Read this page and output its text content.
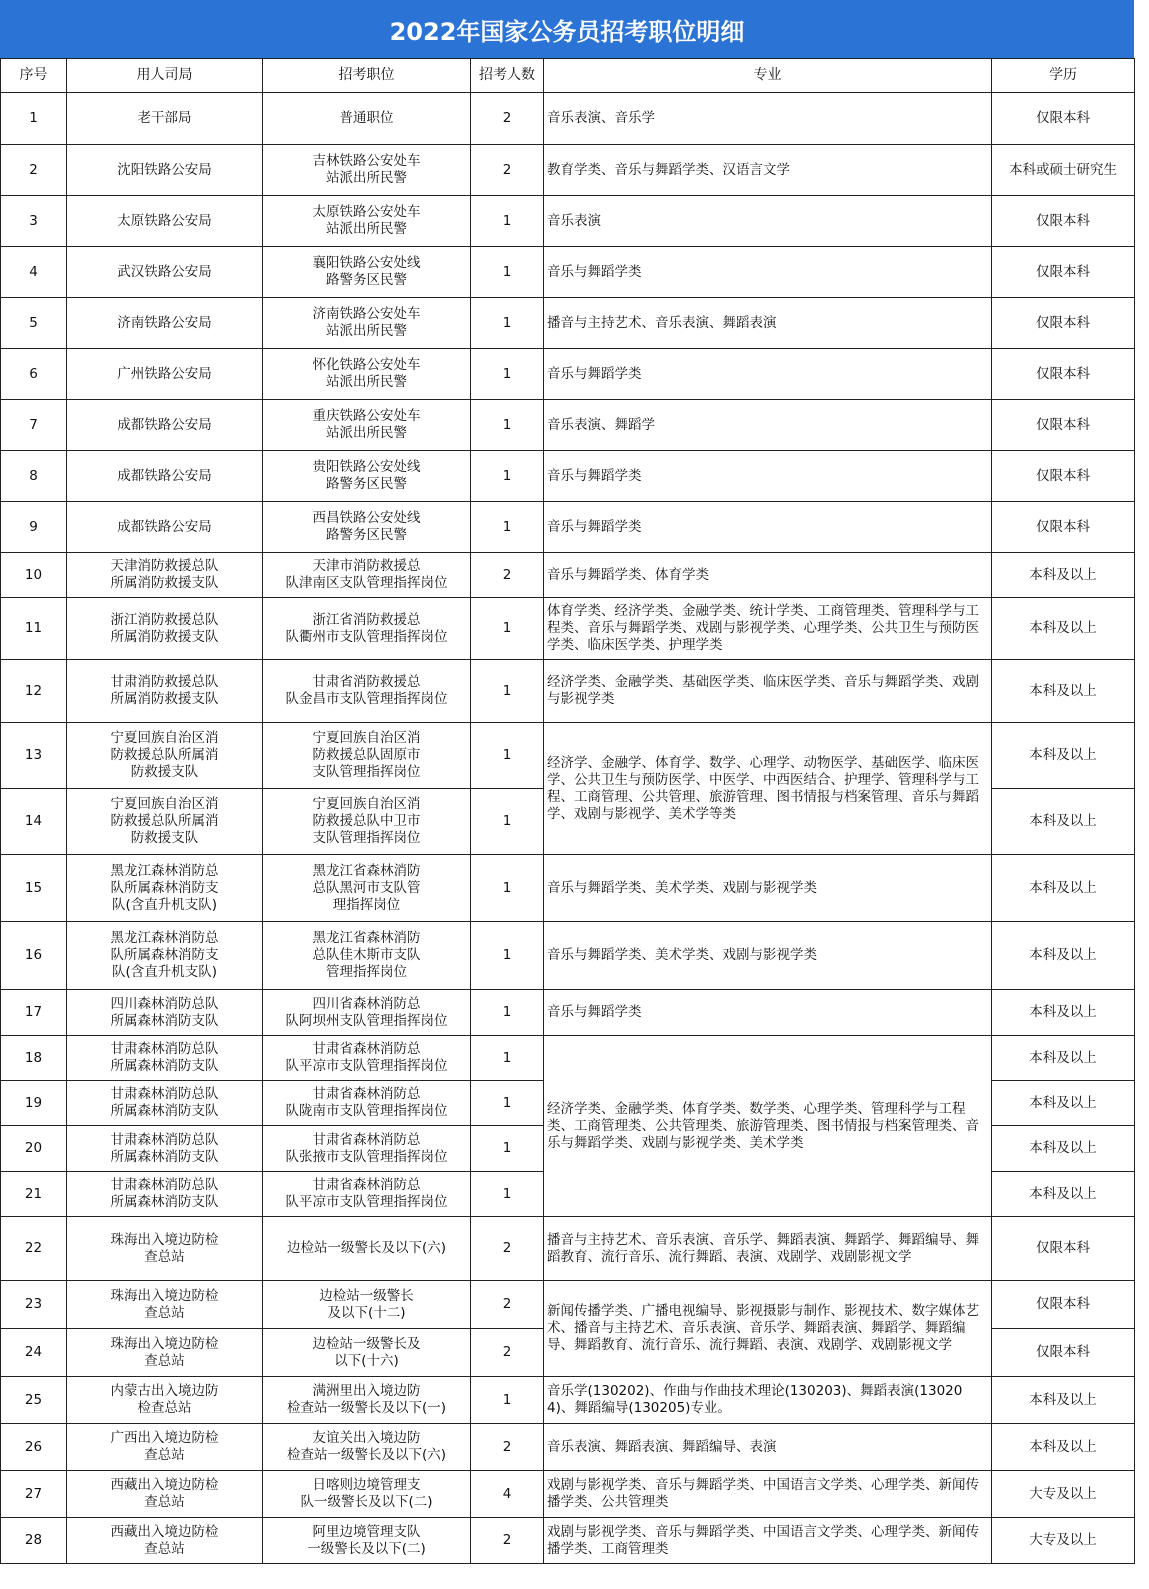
2022年国家公务员招考职位明细
序号	用人司局	招考职位	招考人数	专业	学历
1	老干部局	普通职位	2	音乐表演、音乐学	仅限本科
2	沈阳铁路公安局	吉林铁路公安处车
站派出所民警	2	教育学类、音乐与舞蹈学类、汉语言文学	本科或硕士研究生
3	太原铁路公安局	太原铁路公安处车
站派出所民警	1	音乐表演	仅限本科
4	武汉铁路公安局	襄阳铁路公安处线
路警务区民警	1	音乐与舞蹈学类	仅限本科
5	济南铁路公安局	济南铁路公安处车
站派出所民警	1	播音与主持艺术、音乐表演、舞蹈表演	仅限本科
6	广州铁路公安局	怀化铁路公安处车
站派出所民警	1	音乐与舞蹈学类	仅限本科
7	成都铁路公安局	重庆铁路公安处车
站派出所民警	1	音乐表演、舞蹈学	仅限本科
8	成都铁路公安局	贵阳铁路公安处线
路警务区民警	1	音乐与舞蹈学类	仅限本科
9	成都铁路公安局	西昌铁路公安处线
路警务区民警	1	音乐与舞蹈学类	仅限本科
10	天津消防救援总队
所属消防救援支队	天津市消防救援总
队津南区支队管理指挥岗位	2	音乐与舞蹈学类、体育学类	本科及以上
11	浙江消防救援总队
所属消防救援支队	浙江省消防救援总
队衢州市支队管理指挥岗位	1	体育学类、经济学类、金融学类、统计学类、工商管理类、管理科学与工程类、音乐与舞蹈学类、戏剧与影视学类、心理学类、公共卫生与预防医学类、临床医学类、护理学类	本科及以上
12	甘肃消防救援总队
所属消防救援支队	甘肃省消防救援总
队金昌市支队管理指挥岗位	1	经济学类、金融学类、基础医学类、临床医学类、音乐与舞蹈学类、戏剧与影视学类	本科及以上
13	宁夏回族自治区消
防救援总队所属消
防救援支队	宁夏回族自治区消
防救援总队固原市
支队管理指挥岗位	1	经济学、金融学、体育学、数学、心理学、动物医学、基础医学、临床医学、公共卫生与预防医学、中医学、中西医结合、护理学、管理科学与工程、工商管理、公共管理、旅游管理、图书情报与档案管理、音乐与舞蹈学、戏剧与影视学、美术学等类	本科及以上
14	宁夏回族自治区消
防救援总队所属消
防救援支队	宁夏回族自治区消
防救援总队中卫市
支队管理指挥岗位	1		本科及以上
15	黑龙江森林消防总
队所属森林消防支
队(含直升机支队)	黑龙江省森林消防
总队黑河市支队管
理指挥岗位	1	音乐与舞蹈学类、美术学类、戏剧与影视学类	本科及以上
16	黑龙江森林消防总
队所属森林消防支
队(含直升机支队)	黑龙江省森林消防
总队佳木斯市支队
管理指挥岗位	1	音乐与舞蹈学类、美术学类、戏剧与影视学类	本科及以上
17	四川森林消防总队
所属森林消防支队	四川省森林消防总
队阿坝州支队管理指挥岗位	1	音乐与舞蹈学类	本科及以上
18	甘肃森林消防总队
所属森林消防支队	甘肃省森林消防总
队平凉市支队管理指挥岗位	1	经济学类、金融学类、体育学类、数学类、心理学类、管理科学与工程类、工商管理类、公共管理类、旅游管理类、图书情报与档案管理类、音乐与舞蹈学类、戏剧与影视学类、美术学类	本科及以上
19	甘肃森林消防总队
所属森林消防支队	甘肃省森林消防总
队陇南市支队管理指挥岗位	1		本科及以上
20	甘肃森林消防总队
所属森林消防支队	甘肃省森林消防总
队张掖市支队管理指挥岗位	1		本科及以上
21	甘肃森林消防总队
所属森林消防支队	甘肃省森林消防总
队平凉市支队管理指挥岗位	1		本科及以上
22	珠海出入境边防检
查总站	边检站一级警长及以下(六)	2	播音与主持艺术、音乐表演、音乐学、舞蹈表演、舞蹈学、舞蹈编导、舞蹈教育、流行音乐、流行舞蹈、表演、戏剧学、戏剧影视文学	仅限本科
23	珠海出入境边防检
查总站	边检站一级警长
及以下(十二)	2	新闻传播学类、广播电视编导、影视摄影与制作、影视技术、数字媒体艺术、播音与主持艺术、音乐表演、音乐学、舞蹈表演、舞蹈学、舞蹈编导、舞蹈教育、流行音乐、流行舞蹈、表演、戏剧学、戏剧影视文学	仅限本科
24	珠海出入境边防检
查总站	边检站一级警长及
以下(十六)	2		仅限本科
25	内蒙古出入境边防
检查总站	满洲里出入境边防
检查站一级警长及以下(一)	1	音乐学(130202)、作曲与作曲技术理论(130203)、舞蹈表演(130204)、舞蹈编导(130205)专业。	本科及以上
26	广西出入境边防检
查总站	友谊关出入境边防
检查站一级警长及以下(六)	2	音乐表演、舞蹈表演、舞蹈编导、表演	本科及以上
27	西藏出入境边防检
查总站	日喀则边境管理支
队一级警长及以下(二)	4	戏剧与影视学类、音乐与舞蹈学类、中国语言文学类、心理学类、新闻传播学类、公共管理类	大专及以上
28	西藏出入境边防检
查总站	阿里边境管理支队
一级警长及以下(二)	2	戏剧与影视学类、音乐与舞蹈学类、中国语言文学类、心理学类、新闻传播学类、工商管理类	大专及以上
